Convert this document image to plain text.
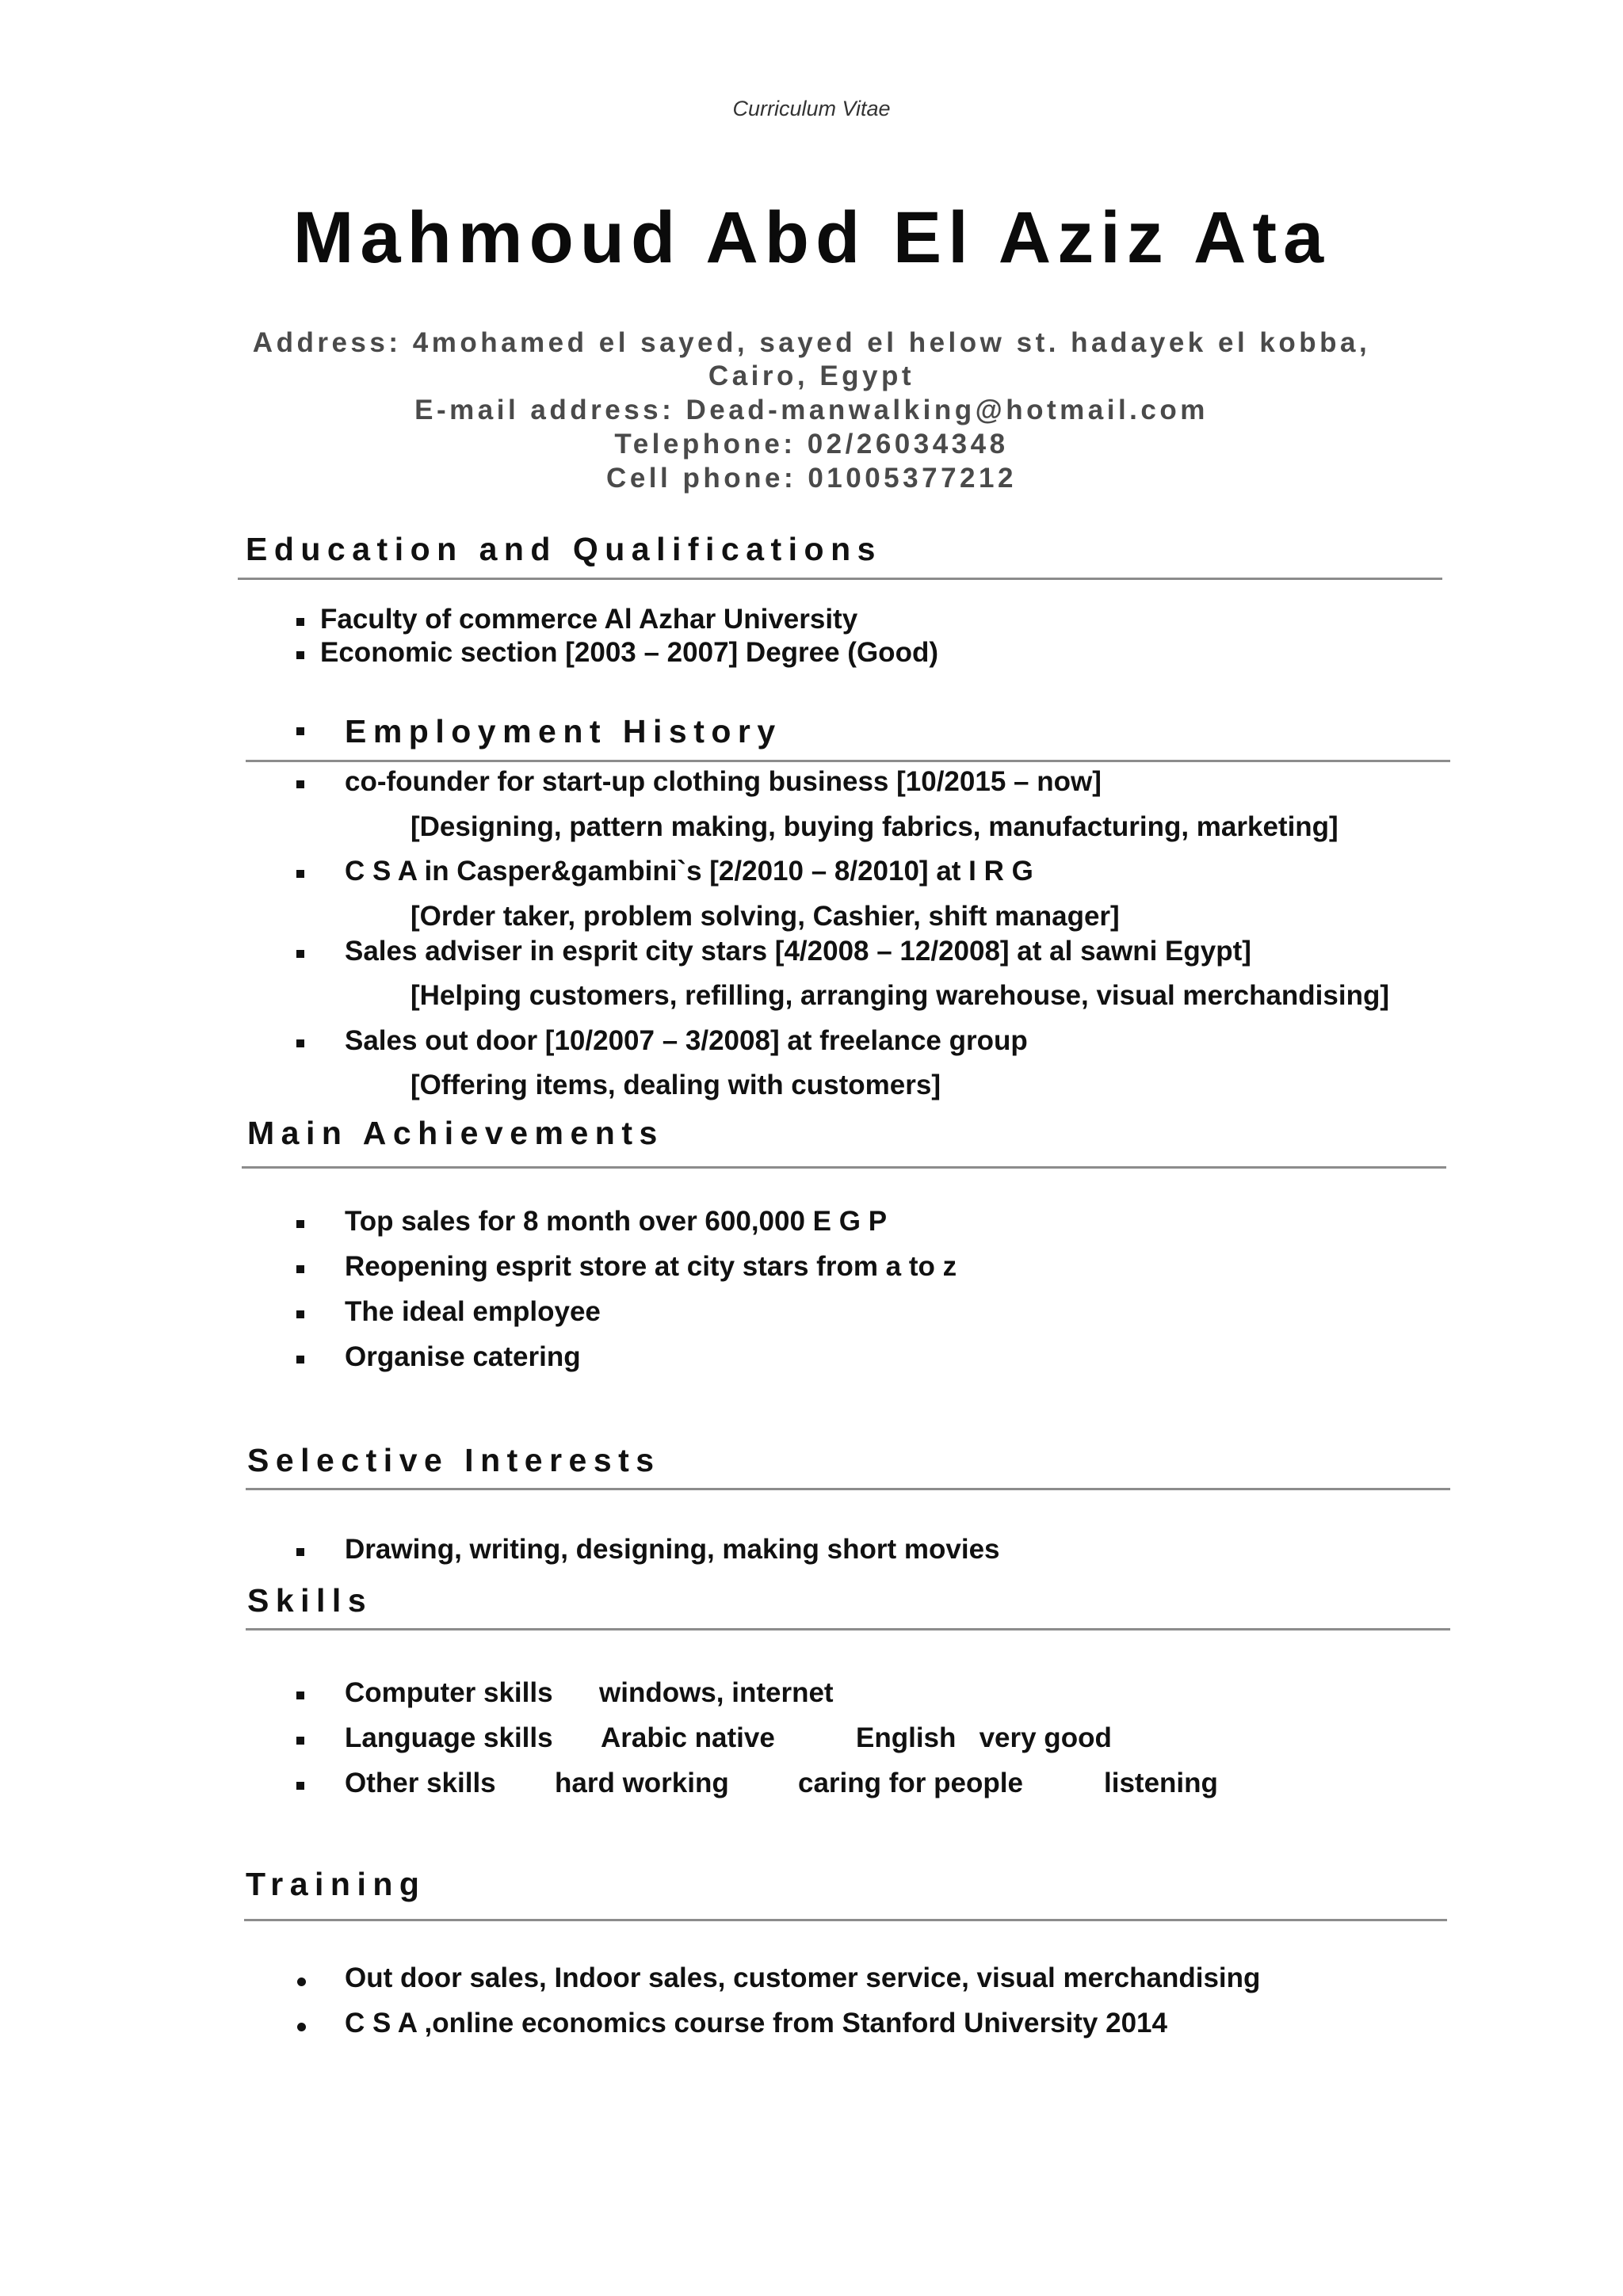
Curriculum Vitae
Mahmoud Abd El Aziz Ata
Address: 4mohamed el sayed, sayed el helow st. hadayek el kobba,
Cairo, Egypt
E-mail address: Dead-manwalking@hotmail.com
Telephone: 02/26034348
Cell phone: 01005377212
Education and Qualifications
Faculty of commerce Al Azhar University
Economic section [2003 – 2007] Degree (Good)
Employment History
co-founder for start-up clothing business [10/2015 – now]
[Designing, pattern making, buying fabrics, manufacturing, marketing]
C S A in Casper&gambini`s [2/2010 – 8/2010] at I R G
[Order taker, problem solving, Cashier, shift manager]
Sales adviser in esprit city stars [4/2008 – 12/2008] at al sawni Egypt]
[Helping customers, refilling, arranging warehouse, visual merchandising]
Sales out door [10/2007 – 3/2008] at freelance group
[Offering items, dealing with customers]
Main Achievements
Top sales for 8 month over 600,000 E G P
Reopening esprit store at city stars from a to z
The ideal employee
Organise catering
Selective Interests
Drawing, writing, designing, making short movies
Skills
Computer skills windows, internet
Language skills Arabic native	English   very good
Other skills hard working caring for people	listening
Training
Out door sales, Indoor sales, customer service, visual merchandising
C S A ,online economics course from Stanford University 2014
